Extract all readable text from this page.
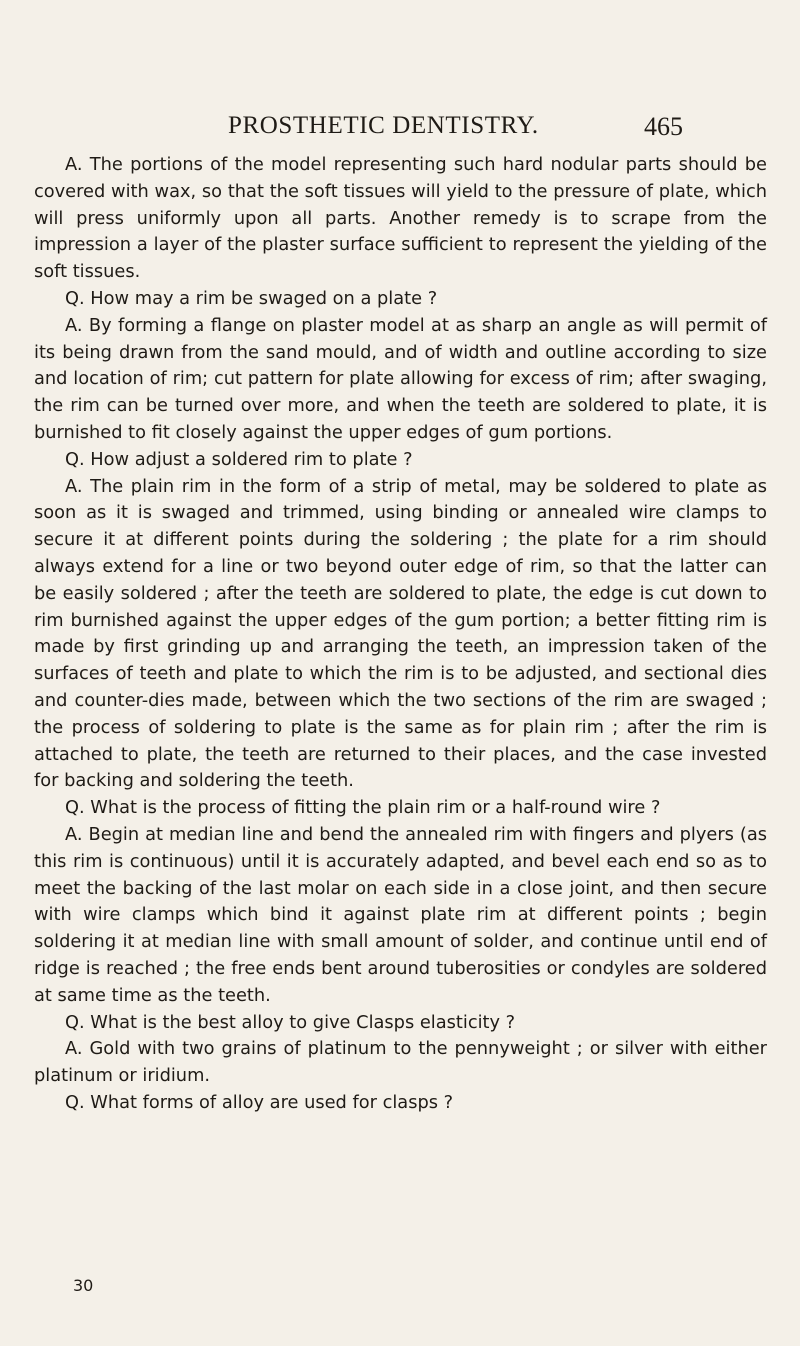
PROSTHETIC DENTISTRY.	465

A. The portions of the model representing such hard nodular parts should be covered with wax, so that the soft tissues will yield to the pressure of plate, which will press uniformly upon all parts. Another remedy is to scrape from the impression a layer of the plaster surface sufficient to represent the yielding of the soft tissues.

Q. How may a rim be swaged on a plate ?

A. By forming a flange on plaster model at as sharp an angle as will permit of its being drawn from the sand mould, and of width and outline according to size and location of rim; cut pattern for plate allowing for excess of rim; after swaging, the rim can be turned over more, and when the teeth are soldered to plate, it is burnished to fit closely against the upper edges of gum portions.

Q. How adjust a soldered rim to plate ?

A. The plain rim in the form of a strip of metal, may be soldered to plate as soon as it is swaged and trimmed, using binding or annealed wire clamps to secure it at different points during the soldering ; the plate for a rim should always extend for a line or two beyond outer edge of rim, so that the latter can be easily soldered ; after the teeth are soldered to plate, the edge is cut down to rim burnished against the upper edges of the gum portion; a better fitting rim is made by first grinding up and arranging the teeth, an impression taken of the surfaces of teeth and plate to which the rim is to be adjusted, and sectional dies and counter-dies made, between which the two sections of the rim are swaged ; the process of soldering to plate is the same as for plain rim ; after the rim is attached to plate, the teeth are returned to their places, and the case invested for backing and soldering the teeth.

Q. What is the process of fitting the plain rim or a half-round wire ?

A. Begin at median line and bend the annealed rim with fingers and plyers (as this rim is continuous) until it is accurately adapted, and bevel each end so as to meet the backing of the last molar on each side in a close joint, and then secure with wire clamps which bind it against plate rim at different points ; begin soldering it at median line with small amount of solder, and continue until end of ridge is reached ; the free ends bent around tuberosities or condyles are soldered at same time as the teeth.

Q. What is the best alloy to give Clasps elasticity ?

A. Gold with two grains of platinum to the pennyweight ; or silver with either platinum or iridium.

Q. What forms of alloy are used for clasps ?

30
